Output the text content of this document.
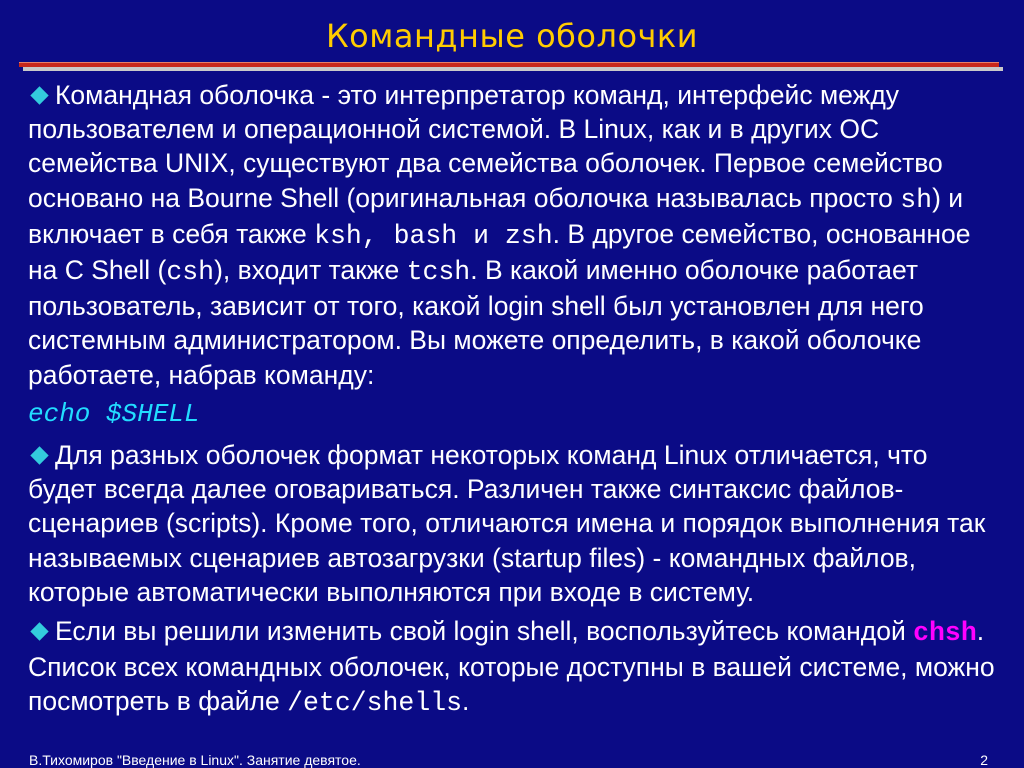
Командные оболочки

Командная оболочка - это интерпретатор команд, интерфейс между пользователем и операционной системой. В Linux, как и в других ОС семейства UNIX, существуют два семейства оболочек. Первое семейство основано на Bourne Shell (оригинальная оболочка называлась просто sh) и включает в себя также ksh, bash и zsh. В другое семейство, основанное на C Shell (csh), входит также tcsh. В какой именно оболочке работает пользователь, зависит от того, какой login shell был установлен для него системным администратором. Вы можете определить, в какой оболочке работаете, набрав команду:

echo $SHELL

Для разных оболочек формат некоторых команд Linux отличается, что будет всегда далее оговариваться. Различен также синтаксис файлов-сценариев (scripts). Кроме того, отличаются имена и порядок выполнения так называемых сценариев автозагрузки (startup files) - командных файлов, которые автоматически выполняются при входе в систему.

Если вы решили изменить свой login shell, воспользуйтесь командой chsh. Список всех командных оболочек, которые доступны в вашей системе, можно посмотреть в файле /etc/shells.

В.Тихомиров "Введение в Linux". Занятие девятое.	2
